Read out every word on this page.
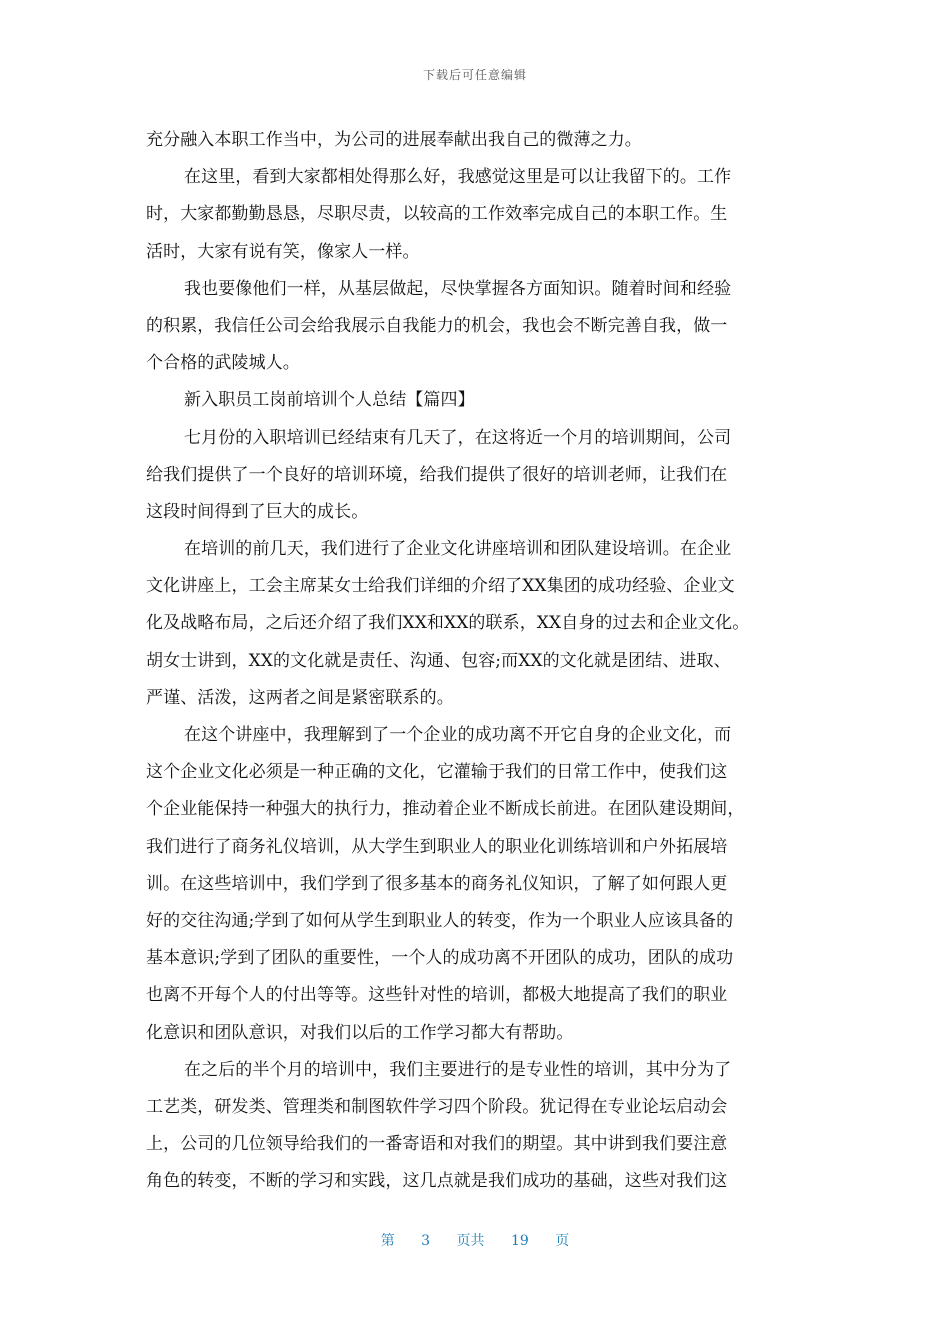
下载后可任意编辑
充分融入本职工作当中，为公司的进展奉献出我自己的微薄之力。
在这里，看到大家都相处得那么好，我感觉这里是可以让我留下的。工作
时，大家都勤勤恳恳，尽职尽责，以较高的工作效率完成自己的本职工作。生
活时，大家有说有笑，像家人一样。
我也要像他们一样，从基层做起，尽快掌握各方面知识。随着时间和经验
的积累，我信任公司会给我展示自我能力的机会，我也会不断完善自我，做一
个合格的武陵城人。
新入职员工岗前培训个人总结【篇四】
七月份的入职培训已经结束有几天了，在这将近一个月的培训期间，公司
给我们提供了一个良好的培训环境，给我们提供了很好的培训老师，让我们在
这段时间得到了巨大的成长。
在培训的前几天，我们进行了企业文化讲座培训和团队建设培训。在企业
文化讲座上，工会主席某女士给我们详细的介绍了XX集团的成功经验、企业文
化及战略布局，之后还介绍了我们XX和XX的联系，XX自身的过去和企业文化。
胡女士讲到，XX的文化就是责任、沟通、包容;而XX的文化就是团结、进取、
严谨、活泼，这两者之间是紧密联系的。
在这个讲座中，我理解到了一个企业的成功离不开它自身的企业文化，而
这个企业文化必须是一种正确的文化，它灌输于我们的日常工作中，使我们这
个企业能保持一种强大的执行力，推动着企业不断成长前进。在团队建设期间，
我们进行了商务礼仪培训，从大学生到职业人的职业化训练培训和户外拓展培
训。在这些培训中，我们学到了很多基本的商务礼仪知识，了解了如何跟人更
好的交往沟通;学到了如何从学生到职业人的转变，作为一个职业人应该具备的
基本意识;学到了团队的重要性，一个人的成功离不开团队的成功，团队的成功
也离不开每个人的付出等等。这些针对性的培训，都极大地提高了我们的职业
化意识和团队意识，对我们以后的工作学习都大有帮助。
在之后的半个月的培训中，我们主要进行的是专业性的培训，其中分为了
工艺类，研发类、管理类和制图软件学习四个阶段。犹记得在专业论坛启动会
上，公司的几位领导给我们的一番寄语和对我们的期望。其中讲到我们要注意
角色的转变，不断的学习和实践，这几点就是我们成功的基础，这些对我们这
第 3 页共 19 页
